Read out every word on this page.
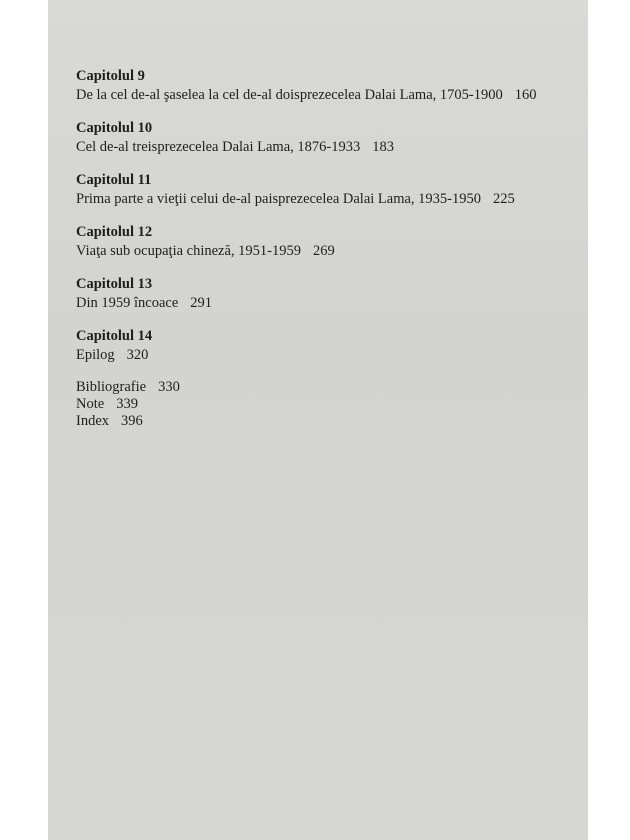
Capitolul 9
De la cel de-al şaselea la cel de-al doisprezecelea Dalai Lama, 1705-1900 160
Capitolul 10
Cel de-al treisprezecelea Dalai Lama, 1876-1933 183
Capitolul 11
Prima parte a vieţii celui de-al paisprezecelea Dalai Lama, 1935-1950 225
Capitolul 12
Viaţa sub ocupaţia chineză, 1951-1959 269
Capitolul 13
Din 1959 încoace 291
Capitolul 14
Epilog 320
Bibliografie 330
Note 339
Index 396
